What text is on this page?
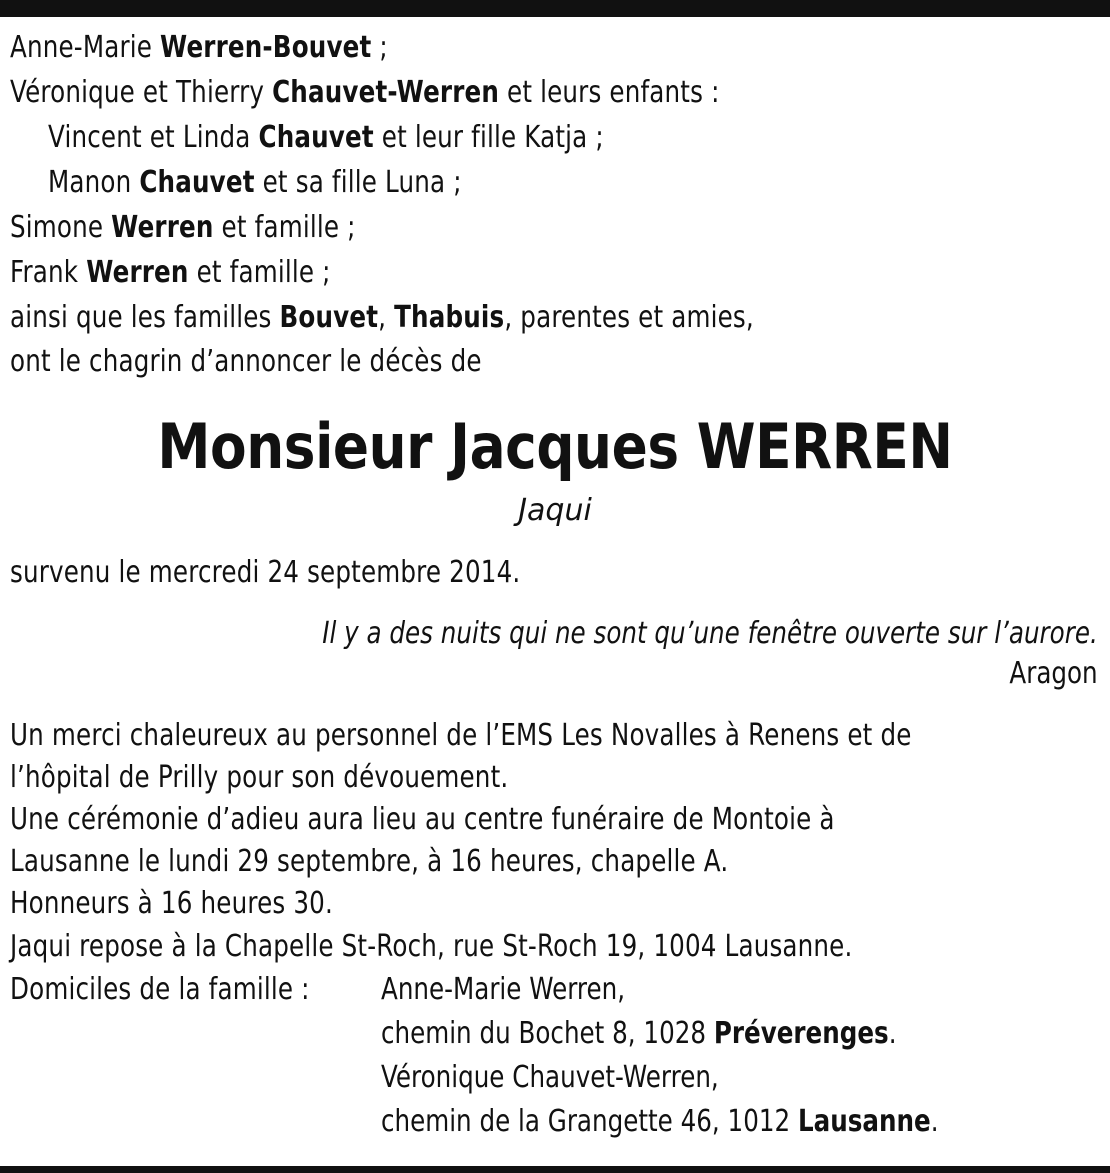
Anne-Marie Werren-Bouvet ;
Véronique et Thierry Chauvet-Werren et leurs enfants :
Vincent et Linda Chauvet et leur fille Katja ;
Manon Chauvet et sa fille Luna ;
Simone Werren et famille ;
Frank Werren et famille ;
ainsi que les familles Bouvet, Thabuis, parentes et amies,
ont le chagrin d’annoncer le décès de
Monsieur Jacques WERREN
Jaqui
survenu le mercredi 24 septembre 2014.
Il y a des nuits qui ne sont qu’une fenêtre ouverte sur l’aurore.
Aragon
Un merci chaleureux au personnel de l’EMS Les Novalles à Renens et de
l’hôpital de Prilly pour son dévouement.
Une cérémonie d’adieu aura lieu au centre funéraire de Montoie à
Lausanne le lundi 29 septembre, à 16 heures, chapelle A.
Honneurs à 16 heures 30.
Jaqui repose à la Chapelle St-Roch, rue St-Roch 19, 1004 Lausanne.
Domiciles de la famille : Anne-Marie Werren,
chemin du Bochet 8, 1028 Préverenges.
Véronique Chauvet-Werren,
chemin de la Grangette 46, 1012 Lausanne.
